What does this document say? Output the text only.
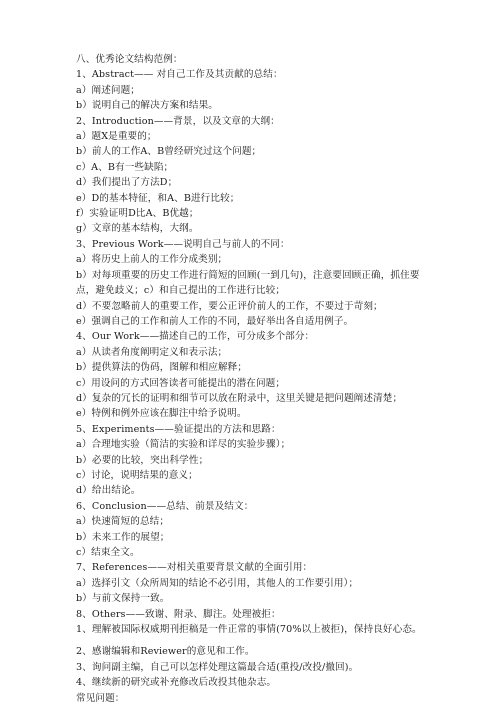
八、优秀论文结构范例：
1、Abstract—— 对自己工作及其贡献的总结：
a）阐述问题；
b）说明自己的解决方案和结果。
2、Introduction——背景，以及文章的大纲：
a）题X是重要的；
b）前人的工作A、B曾经研究过这个问题；
c）A、B有一些缺陷；
d）我们提出了方法D；
e）D的基本特征，和A、B进行比较；
f）实验证明D比A、B优越；
g）文章的基本结构，大纲。
3、Previous Work——说明自己与前人的不同：
a）将历史上前人的工作分成类别；
b）对每项重要的历史工作进行简短的回顾(一到几句)，注意要回顾正确，抓住要点，避免歧义；c）和自己提出的工作进行比较；
d）不要忽略前人的重要工作，要公正评价前人的工作，不要过于苛刻；
e）强调自己的工作和前人工作的不同，最好举出各自适用例子。
4、Our Work——描述自己的工作，可分成多个部分：
a）从读者角度阐明定义和表示法；
b）提供算法的伪码，图解和相应解释；
c）用设问的方式回答读者可能提出的潜在问题；
d）复杂的冗长的证明和细节可以放在附录中，这里关键是把问题阐述清楚；
e）特例和例外应该在脚注中给予说明。
5、Experiments——验证提出的方法和思路：
a）合理地实验（简洁的实验和详尽的实验步骤）；
b）必要的比较，突出科学性；
c）讨论，说明结果的意义；
d）给出结论。
6、Conclusion——总结、前景及结文：
a）快速简短的总结；
b）未来工作的展望；
c）结束全文。
7、References——对相关重要背景文献的全面引用：
a）选择引文（众所周知的结论不必引用，其他人的工作要引用）；
b）与前文保持一致。
8、Others——致谢、附录、脚注。处理被拒：
1、理解被国际权威期刊拒稿是一件正常的事情(70%以上被拒)，保持良好心态。
2、感谢编辑和Reviewer的意见和工作。
3、询问副主编，自己可以怎样处理这篇最合适(重投/改投/撤回)。
4、继续新的研究或补充修改后改投其他杂志。
常见问题：
